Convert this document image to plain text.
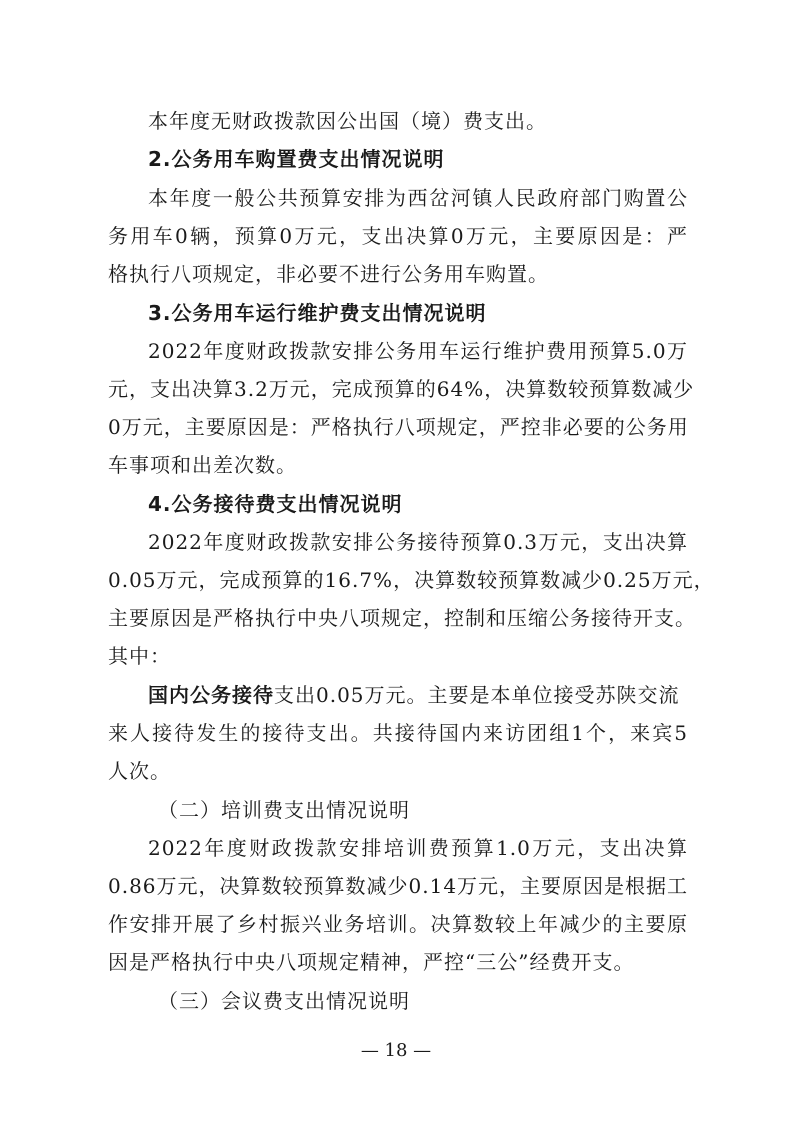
本年度无财政拨款因公出国（境）费支出。
2.公务用车购置费支出情况说明
本年度一般公共预算安排为西岔河镇人民政府部门购置公
务用车0辆，预算0万元，支出决算0万元，主要原因是：严
格执行八项规定，非必要不进行公务用车购置。
3.公务用车运行维护费支出情况说明
2022年度财政拨款安排公务用车运行维护费用预算5.0万
元，支出决算3.2万元，完成预算的64%，决算数较预算数减少
0万元，主要原因是：严格执行八项规定，严控非必要的公务用
车事项和出差次数。
4.公务接待费支出情况说明
2022年度财政拨款安排公务接待预算0.3万元，支出决算
0.05万元，完成预算的16.7%，决算数较预算数减少0.25万元，
主要原因是严格执行中央八项规定，控制和压缩公务接待开支。
其中：
国内公务接待支出0.05万元。主要是本单位接受苏陕交流
来人接待发生的接待支出。共接待国内来访团组1个，来宾5
人次。
（二）培训费支出情况说明
2022年度财政拨款安排培训费预算1.0万元，支出决算
0.86万元，决算数较预算数减少0.14万元，主要原因是根据工
作安排开展了乡村振兴业务培训。决算数较上年减少的主要原
因是严格执行中央八项规定精神，严控“三公”经费开支。
（三）会议费支出情况说明
— 18 —
